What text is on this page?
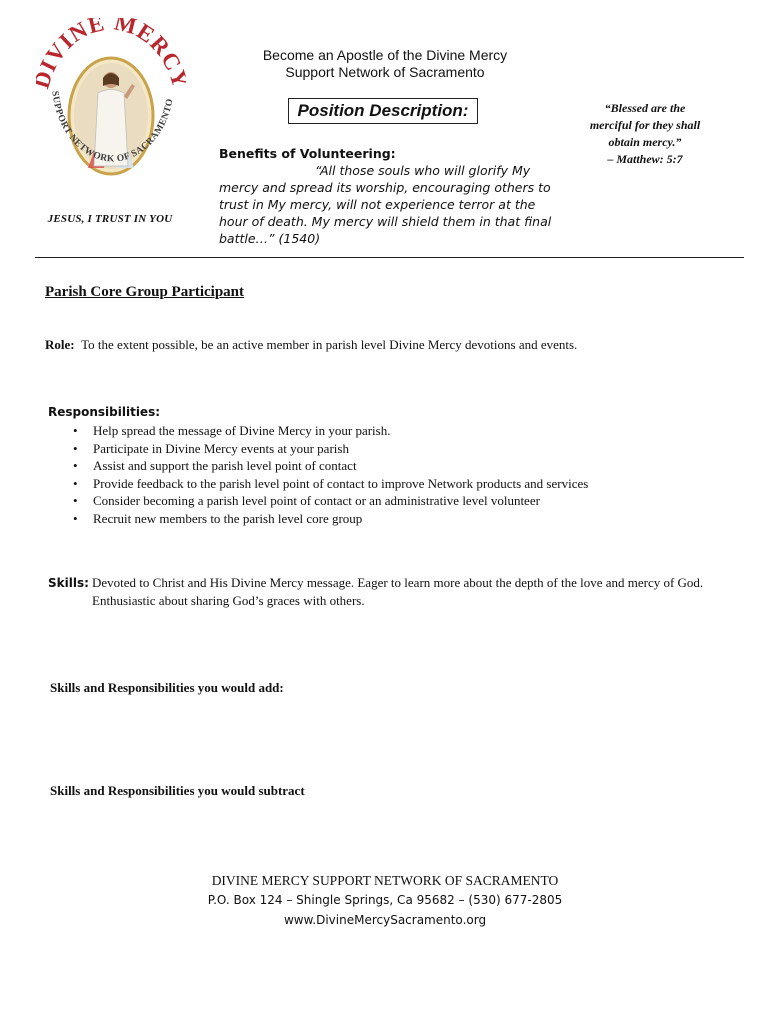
IVINE MERC
SUPPORT NETWORK OF SACRAMENTO
JESUS, I TRUST IN YOU
Become an Apostle of the Divine Mercy
Support Network of Sacramento
Position Description:
Benefits of Volunteering:
“All those souls who will glorify My mercy and spread its worship, encouraging others to trust in My mercy, will not experience terror at the hour of death. My mercy will shield them in that final battle…” (1540)
“Blessed are the
merciful for they shall
obtain mercy.”
– Matthew: 5:7
Parish Core Group Participant
Role: To the extent possible, be an active member in parish level Divine Mercy devotions and events.
Responsibilities:
• Help spread the message of Divine Mercy in your parish.
• Participate in Divine Mercy events at your parish
• Assist and support the parish level point of contact
• Provide feedback to the parish level point of contact to improve Network products and services
• Consider becoming a parish level point of contact or an administrative level volunteer
• Recruit new members to the parish level core group
Skills: Devoted to Christ and His Divine Mercy message. Eager to learn more about the depth of the love and mercy of God. Enthusiastic about sharing God’s graces with others.
Skills and Responsibilities you would add:
Skills and Responsibilities you would subtract
DIVINE MERCY SUPPORT NETWORK OF SACRAMENTO
P.O. Box 124 – Shingle Springs, Ca 95682 – (530) 677-2805
www.DivineMercySacramento.org
